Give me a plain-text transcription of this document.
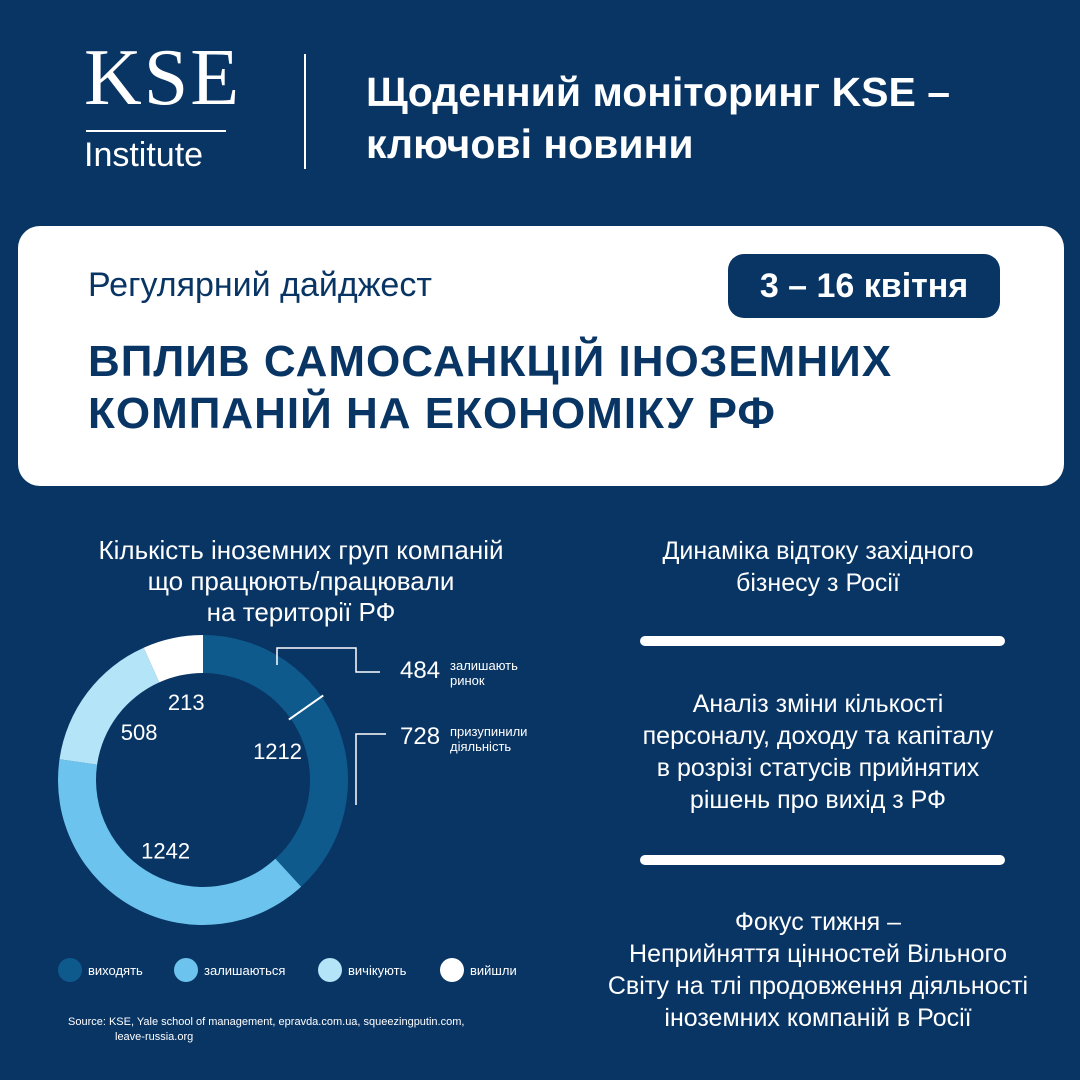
KSE
Institute
Щоденний моніторинг KSE –
ключові новини
Регулярний дайджест	3 – 16 квітня
ВПЛИВ САМОСАНКЦІЙ ІНОЗЕМНИХ
КОМПАНІЙ НА ЕКОНОМІКУ РФ
Кількість іноземних груп компаній
що працюють/працювали
на території РФ
1212
1242
508
213
484 залишають
ринок
728 призупинили
діяльність
виходять	залишаються	вичікують	вийшли
Source: KSE, Yale school of management, epravda.com.ua, squeezingputin.com,
leave-russia.org
Динаміка відтоку західного
бізнесу з Росії
Аналіз зміни кількості
персоналу, доходу та капіталу
в розрізі статусів прийнятих
рішень про вихід з РФ
Фокус тижня –
Неприйняття цінностей Вільного
Світу на тлі продовження діяльності
іноземних компаній в Росії
